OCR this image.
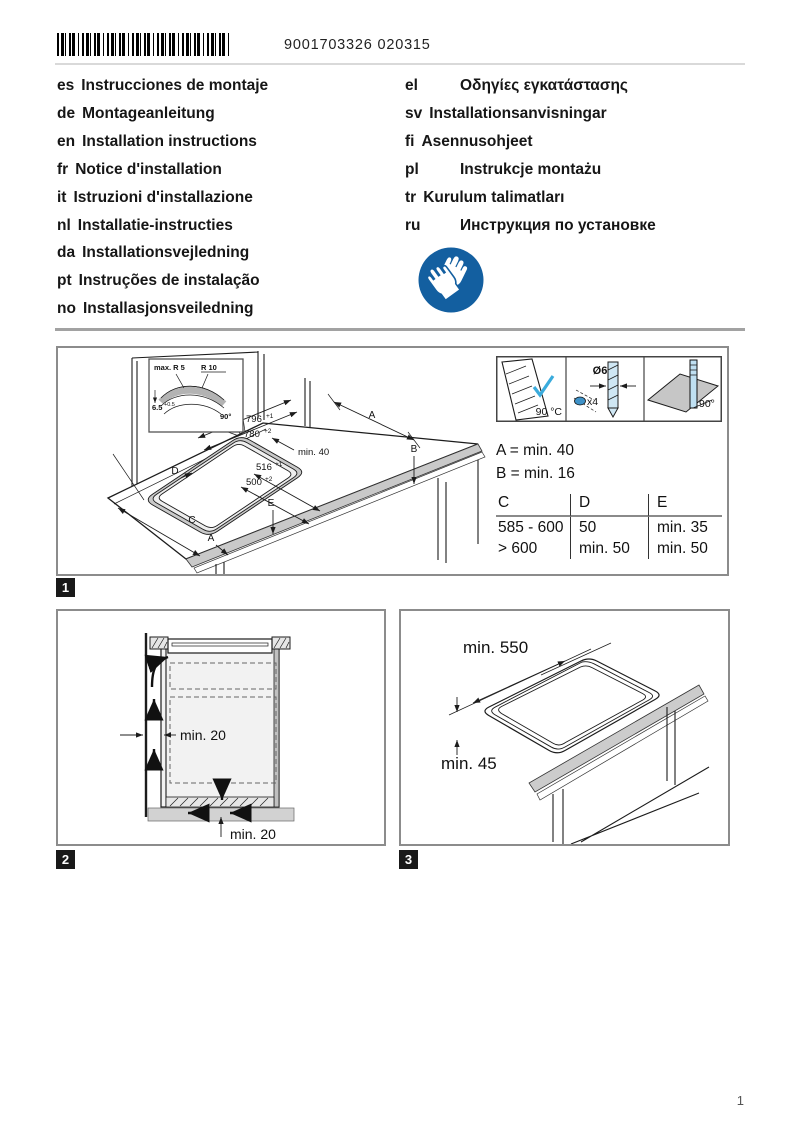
9001703326 020315
es Instrucciones de montaje
de Montageanleitung
en Installation instructions
fr Notice d'installation
it Istruzioni d'installazione
nl Installatie-instructies
da Installationsvejledning
pt Instruções de instalação
no Installasjonsveiledning
el	Οδηγίες εγκατάστασης
sv Installationsanvisningar
fi Asennusohjeet
pl	Instrukcje montażu
tr Kurulum talimatları
ru	Инструкция по установке
max. R 5 R 10
6.5 +0.5
90° 796 +1
780 +2
min. 40
516 +1
500 +2
A
B
C
D
E
A
90 °C
Ø6
x4	90°
A = min. 40
B = min. 16
C	D	E
585 - 600	50	min. 35
> 600	min. 50	min. 50
1
min. 20
min. 20
2
min. 550
min. 45
3
1
